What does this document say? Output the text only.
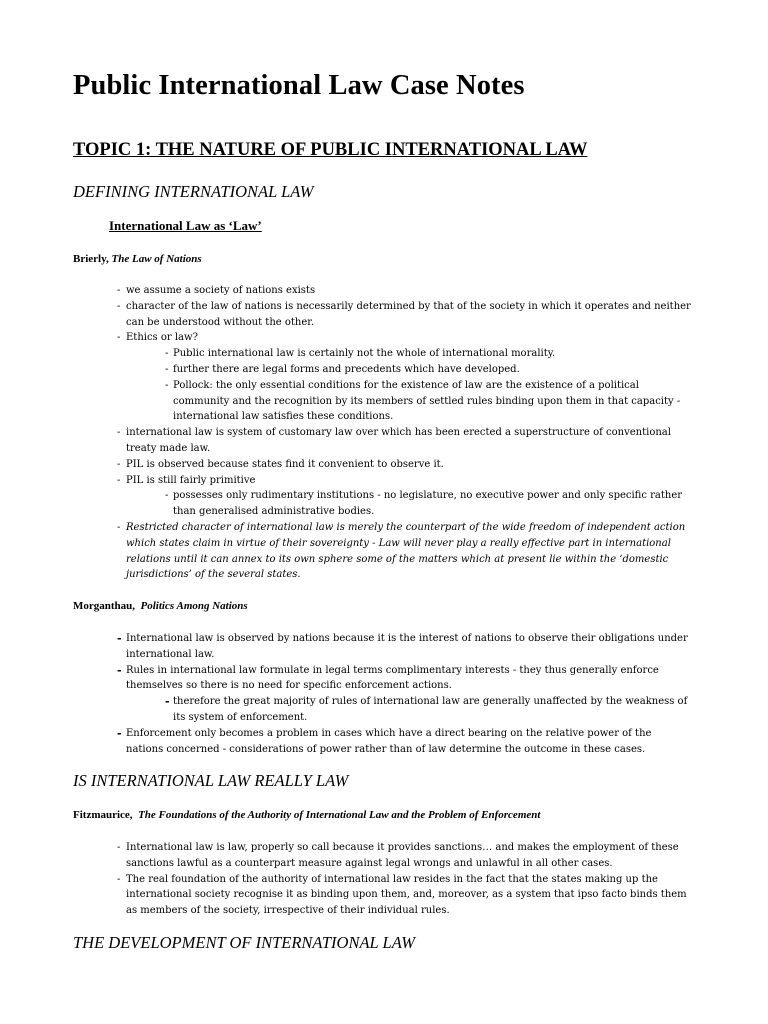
Public International Law Case Notes
TOPIC 1: THE NATURE OF PUBLIC INTERNATIONAL LAW
DEFINING INTERNATIONAL LAW
International Law as ‘Law’
Brierly, The Law of Nations
- we assume a society of nations exists
- character of the law of nations is necessarily determined by that of the society in which it operates and neither
can be understood without the other.
- Ethics or law?
- Public international law is certainly not the whole of international morality.
- further there are legal forms and precedents which have developed.
- Pollock: the only essential conditions for the existence of law are the existence of a political
community and the recognition by its members of settled rules binding upon them in that capacity -
international law satisfies these conditions.
- international law is system of customary law over which has been erected a superstructure of conventional
treaty made law.
- PIL is observed because states find it convenient to observe it.
- PIL is still fairly primitive
- possesses only rudimentary institutions - no legislature, no executive power and only specific rather
than generalised administrative bodies.
- Restricted character of international law is merely the counterpart of the wide freedom of independent action
which states claim in virtue of their sovereignty - Law will never play a really effective part in international
relations until it can annex to its own sphere some of the matters which at present lie within the ‘domestic
jurisdictions’ of the several states.
Morganthau, Politics Among Nations
- International law is observed by nations because it is the interest of nations to observe their obligations under
international law.
- Rules in international law formulate in legal terms complimentary interests - they thus generally enforce
themselves so there is no need for specific enforcement actions.
- therefore the great majority of rules of international law are generally unaffected by the weakness of
its system of enforcement.
- Enforcement only becomes a problem in cases which have a direct bearing on the relative power of the
nations concerned - considerations of power rather than of law determine the outcome in these cases.
IS INTERNATIONAL LAW REALLY LAW
Fitzmaurice, The Foundations of the Authority of International Law and the Problem of Enforcement
- International law is law, properly so call because it provides sanctions… and makes the employment of these
sanctions lawful as a counterpart measure against legal wrongs and unlawful in all other cases.
- The real foundation of the authority of international law resides in the fact that the states making up the
international society recognise it as binding upon them, and, moreover, as a system that ipso facto binds them
as members of the society, irrespective of their individual rules.
THE DEVELOPMENT OF INTERNATIONAL LAW
